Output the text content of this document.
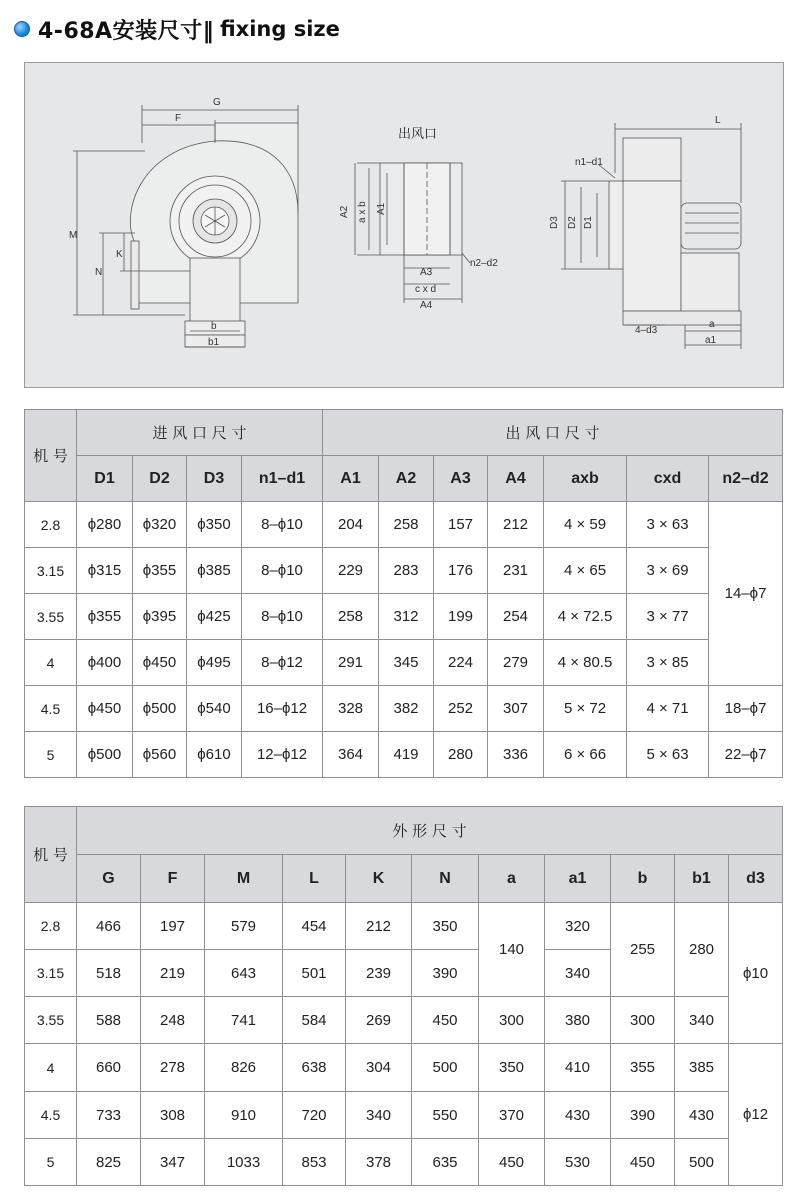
4-68A安装尺寸‖ fixing size
G
F
M
N
K
b
b1
出风口
A2 a x b A1
A3
c x d
A4
n2–d2
L
n1–d1
D3 D2 D1
4–d3
a
a1
机 号	进 风 口 尺 寸				出 风 口 尺 寸						
	D1	D2	D3	n1–d1	A1	A2	A3	A4	axb	cxd	n2–d2
2.8	ϕ280	ϕ320	ϕ350	8–ϕ10	204	258	157	212	4 × 59	3 × 63	14–ϕ7
3.15	ϕ315	ϕ355	ϕ385	8–ϕ10	229	283	176	231	4 × 65	3 × 69	
3.55	ϕ355	ϕ395	ϕ425	8–ϕ10	258	312	199	254	4 × 72.5	3 × 77	
4	ϕ400	ϕ450	ϕ495	8–ϕ12	291	345	224	279	4 × 80.5	3 × 85	
4.5	ϕ450	ϕ500	ϕ540	16–ϕ12	328	382	252	307	5 × 72	4 × 71	18–ϕ7
5	ϕ500	ϕ560	ϕ610	12–ϕ12	364	419	280	336	6 × 66	5 × 63	22–ϕ7
机 号	外 形 尺 寸										
	G	F	M	L	K	N	a	a1	b	b1	d3
2.8	466	197	579	454	212	350	140	320	255	280	ϕ10
3.15	518	219	643	501	239	390		340			
3.55	588	248	741	584	269	450	300	380	300	340	
4	660	278	826	638	304	500	350	410	355	385	ϕ12
4.5	733	308	910	720	340	550	370	430	390	430	
5	825	347	1033	853	378	635	450	530	450	500	
